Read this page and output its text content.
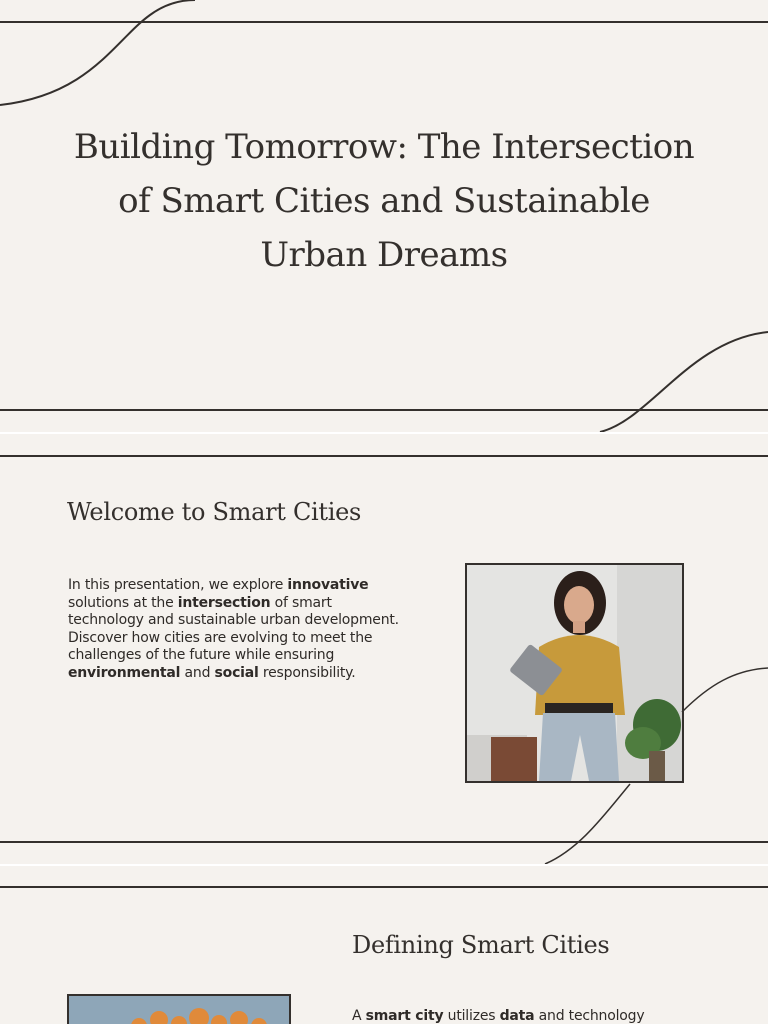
Building Tomorrow: The Intersection of Smart Cities and Sustainable Urban Dreams
Welcome to Smart Cities

In this presentation, we explore innovative solutions at the intersection of smart technology and sustainable urban development. Discover how cities are evolving to meet the challenges of the future while ensuring environmental and social responsibility.

Defining Smart Cities

A smart city utilizes data and technology
